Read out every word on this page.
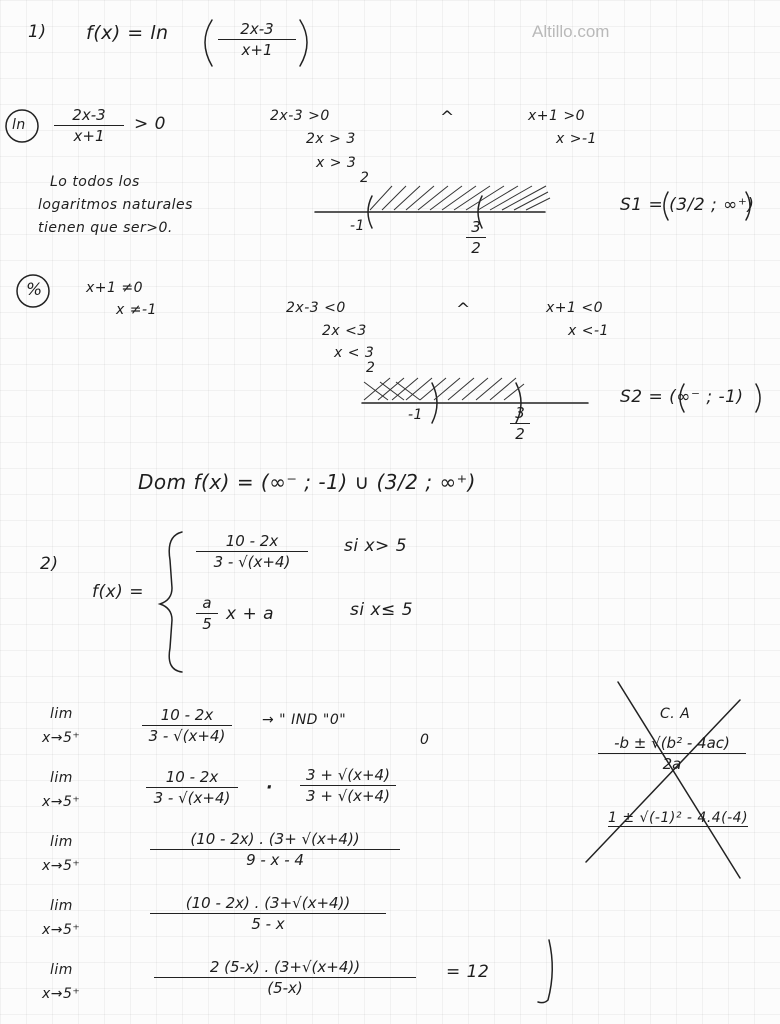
Altillo.com
1) f(x) = ln	$\frac{2x-3}{x+1}$
$\ln \frac{2x-3}{x+1} > 0$	2x-3 >0
2x > 3
x > 3
2
^	x+1 >0
x >-1
Lo todos los
logaritmos naturales
tienen que ser>0.	-1	$\frac{3}{2}$
S1 = (3/2 ; ∞⁺)
%	x+1 ≠0
x ≠-1	2x-3 <0
2x <3
x < 3
2
^	x+1 <0
x <-1
-1	$\frac{3}{2}$
S2 = (∞⁻ ; -1)
Dom f(x) = (∞⁻ ; -1) ∪ (3/2 ; ∞⁺)
2)
f(x) =
$\frac{10 - 2x}{3 - √(x+4)}$ si x> 5
$\frac{a}{5}$ x + a	si x≤ 5
lim
x→5⁺	$\frac{10 - 2x}{3 - √(x+4)}$ → " IND "0"
0
lim
x→5⁺	$\frac{10 - 2x}{3 - √(x+4)} \cdot \frac{3 + √(x+4)}{3 + √(x+4)}$
lim
x→5⁺	$\frac{(10 - 2x) . (3+ √(x+4))}{9 - x - 4}$
C. A
$\frac{\text{-b ± √(b² - 4ac)}}{2a}$
1 ± √(-1)² - 4.4(-4)
lim
x→5⁺	$\frac{(10 - 2x) . (3+√(x+4))}{5 - x}$
lim
x→5⁺	$\frac{2 (5-x) . (3+√(x+4))}{(5-x)} = 12$
